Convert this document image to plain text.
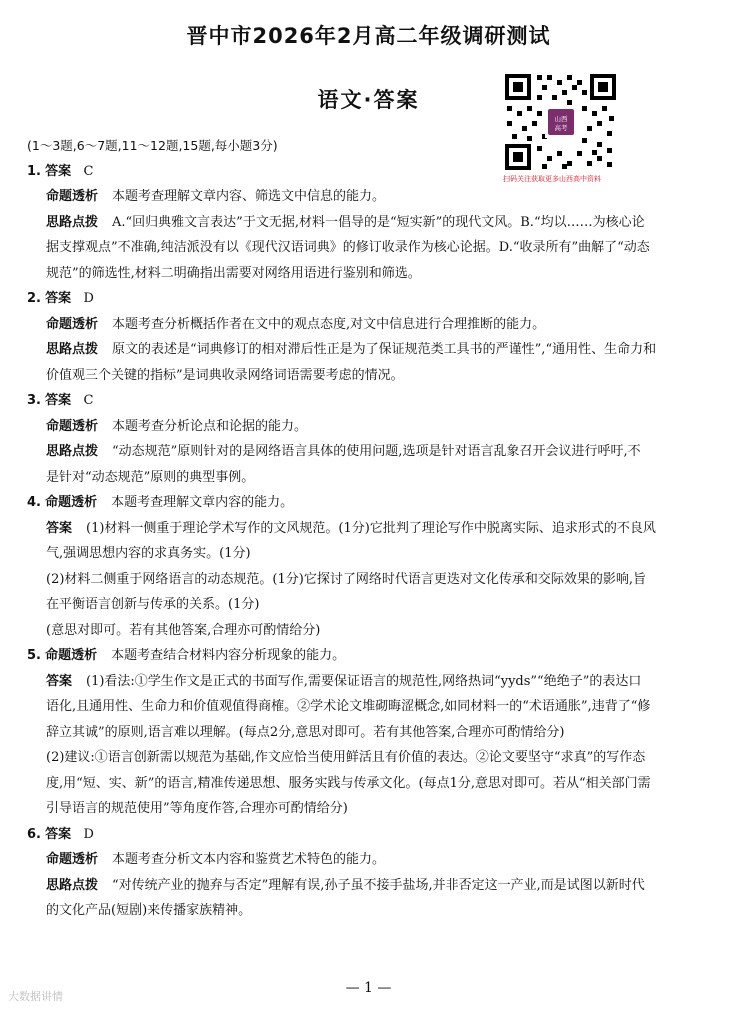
晋中市2026年2月高二年级调研测试
语文·答案
山西
高考
扫码关注获取更多山西高中资料

(1～3题,6～7题,11～12题,15题,每小题3分)

1. 答案 C

命题透析 本题考查理解文章内容、筛选文中信息的能力。

思路点拨 A.“回归典雅文言表达”于文无据,材料一倡导的是“短实新”的现代文风。B.“均以……为核心论

据支撑观点”不准确,纯洁派没有以《现代汉语词典》的修订收录作为核心论据。D.“收录所有”曲解了“动态

规范”的筛选性,材料二明确指出需要对网络用语进行鉴别和筛选。

2. 答案 D

命题透析 本题考查分析概括作者在文中的观点态度,对文中信息进行合理推断的能力。

思路点拨 原文的表述是“词典修订的相对滞后性正是为了保证规范类工具书的严谨性”,“通用性、生命力和

价值观三个关键的指标”是词典收录网络词语需要考虑的情况。

3. 答案 C

命题透析 本题考查分析论点和论据的能力。

思路点拨 “动态规范”原则针对的是网络语言具体的使用问题,选项是针对语言乱象召开会议进行呼吁,不

是针对“动态规范”原则的典型事例。

4. 命题透析 本题考查理解文章内容的能力。

答案 (1)材料一侧重于理论学术写作的文风规范。(1分)它批判了理论写作中脱离实际、追求形式的不良风

气,强调思想内容的求真务实。(1分)

(2)材料二侧重于网络语言的动态规范。(1分)它探讨了网络时代语言更迭对文化传承和交际效果的影响,旨

在平衡语言创新与传承的关系。(1分)

(意思对即可。若有其他答案,合理亦可酌情给分)

5. 命题透析 本题考查结合材料内容分析现象的能力。

答案 (1)看法:①学生作文是正式的书面写作,需要保证语言的规范性,网络热词“yyds”“绝绝子”的表达口

语化,且通用性、生命力和价值观值得商榷。②学术论文堆砌晦涩概念,如同材料一的“术语通胀”,违背了“修

辞立其诚”的原则,语言难以理解。(每点2分,意思对即可。若有其他答案,合理亦可酌情给分)

(2)建议:①语言创新需以规范为基础,作文应恰当使用鲜活且有价值的表达。②论文要坚守“求真”的写作态

度,用“短、实、新”的语言,精准传递思想、服务实践与传承文化。(每点1分,意思对即可。若从“相关部门需

引导语言的规范使用”等角度作答,合理亦可酌情给分)

6. 答案 D

命题透析 本题考查分析文本内容和鉴赏艺术特色的能力。

思路点拨 “对传统产业的抛弃与否定”理解有误,孙子虽不接手盐场,并非否定这一产业,而是试图以新时代

的文化产品(短剧)来传播家族精神。

— 1 —
大数据讲情
